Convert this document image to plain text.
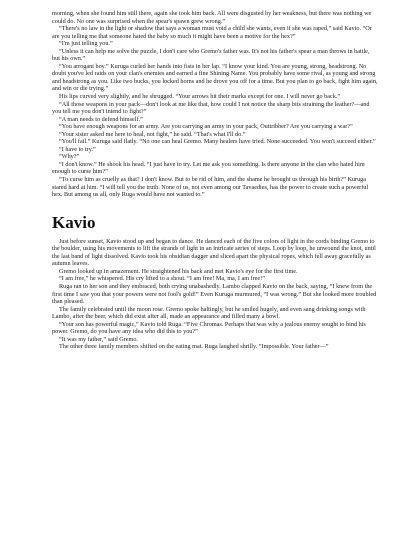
morning, when she found him still there, again she took him back. All were disgusted by her weakness, but there was nothing we could do. No one was surprised when the spear's spawn grew wrong.”

“There's no law in the light or shadow that says a woman must void a child she wants, even if she was raped,” said Kavio. “Or are you telling me that someone hated the baby so much it might have been a motive for the hex?”

“I'm just telling you.”

“Unless it can help me solve the puzzle, I don't care who Gremo's father was. It's not his father's spear a man throws in battle, but his own.”

“You arrogant boy.” Kuruga curled her hands into fists in her lap. “I know your kind. You are young, strong, headstrong. No doubt you've led raids on your clan's enemies and earned a fine Shining Name. You probably have some rival, as young and strong and headstrong as you. Like two bucks, you locked horns and he drove you off for a time. But you plan to go back, fight him again, and win or die trying.”

His lips curved very slightly, and he shrugged. “Your arrows hit their marks except for one. I will never go back.”

“All those weapons in your pack—don't look at me like that, how could I not notice the sharp bits straining the leather?—and you tell me you don't intend to fight?”

“A man needs to defend himself.”

“You have enough weapons for an army. Are you carrying an army in your pack, Outtribber? Are you carrying a war?”

“Your sister asked me here to heal, not fight,” he said. “That's what I'll do.”

“You'll fail.” Kuruga said flatly. “No one can heal Gremo. Many healers have tried. None succeeded. You won't succeed either.”

“I have to try.”

“Why?”

“I don't know.” He shook his head. “I just have to try. Let me ask you something. Is there anyone in the clan who hated him enough to curse him?”

“To curse him as cruelly as that? I don't know. But to be rid of him, and the shame he brought us through his birth?” Kuruga stared hard at him. “I will tell you the truth. None of us, not even among our Tavaedies, has the power to create such a powerful hex. But among us all, only Ruga would have not wanted to.”

Kavio

Just before sunset, Kavio stood up and began to dance. He danced each of the five colors of light in the cords binding Gremo to the boulder, using his movements to lift the strands of light in an intricate series of steps. Loop by loop, he unwound the knot, until the last band of light dissolved. Kavio took his obsidian dagger and sliced apart the physical ropes, which fell away gracefully as autumn leaves.

Gremo looked up in amazement. He straightened his back and met Kavio's eye for the first time.

“I am free,” he whispered. His cry lifted to a shout. “I am free! Ma, ma, I am free!”

Ruga ran to her son and they embraced, both crying unabashedly. Lambo clapped Kavio on the back, saying, “I knew from the first time I saw you that your powers were not fool's gold!” Even Kuruga murmured, “I was wrong.” But she looked more troubled than pleased.

The family celebrated until the moon rose. Gremo spoke haltingly, but he smiled hugely, and even sang drinking songs with Lambo, after the beer, which did exist after all, made an appearance and filled many a bowl.

“Your son has powerful magic,” Kavio told Ruga. “Five Chromas. Perhaps that was why a jealous enemy sought to bind his power. Gremo, do you have any idea who did this to you?”

“It was my father,” said Gremo.

The other three family members shifted on the eating mat. Ruga laughed shrilly. “Impossible. Your father—”
